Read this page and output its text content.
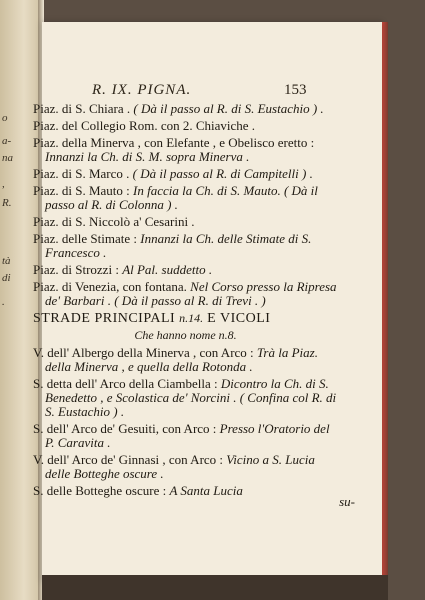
o
a-
na
,
R.
tà
di
.
R. IX. PIGNA.	153
Piaz. di S. Chiara . ( Dà il passo al R. di S. Eustachio ) .
Piaz. del Collegio Rom. con 2. Chiaviche .
Piaz. della Minerva , con Elefante , e Obelisco eretto : Innanzi la Ch. di S. M. sopra Minerva .
Piaz. di S. Marco . ( Dà il passo al R. di Campitelli ) .
Piaz. di S. Mauto : In faccia la Ch. di S. Mauto. ( Dà il passo al R. di Colonna ) .
Piaz. di S. Niccolò a' Cesarini .
Piaz. delle Stimate : Innanzi la Ch. delle Stimate di S. Francesco .
Piaz. di Strozzi : Al Pal. suddetto .
Piaz. di Venezia, con fontana. Nel Corso presso la Ripresa de' Barbari . ( Dà il passo al R. di Trevi . )
STRADE PRINCIPALI n.14. E VICOLI
Che hanno nome n.8.
V. dell' Albergo della Minerva , con Arco : Trà la Piaz. della Minerva , e quella della Rotonda .
S. detta dell' Arco della Ciambella : Dicontro la Ch. di S. Benedetto , e Scolastica de' Norcini . ( Confina col R. di S. Eustachio ) .
S. dell' Arco de' Gesuiti, con Arco : Presso l'Oratorio del P. Caravita .
V. dell' Arco de' Ginnasi , con Arco : Vicino a S. Lucia delle Botteghe oscure .
S. delle Botteghe oscure : A Santa Lucia
su-
